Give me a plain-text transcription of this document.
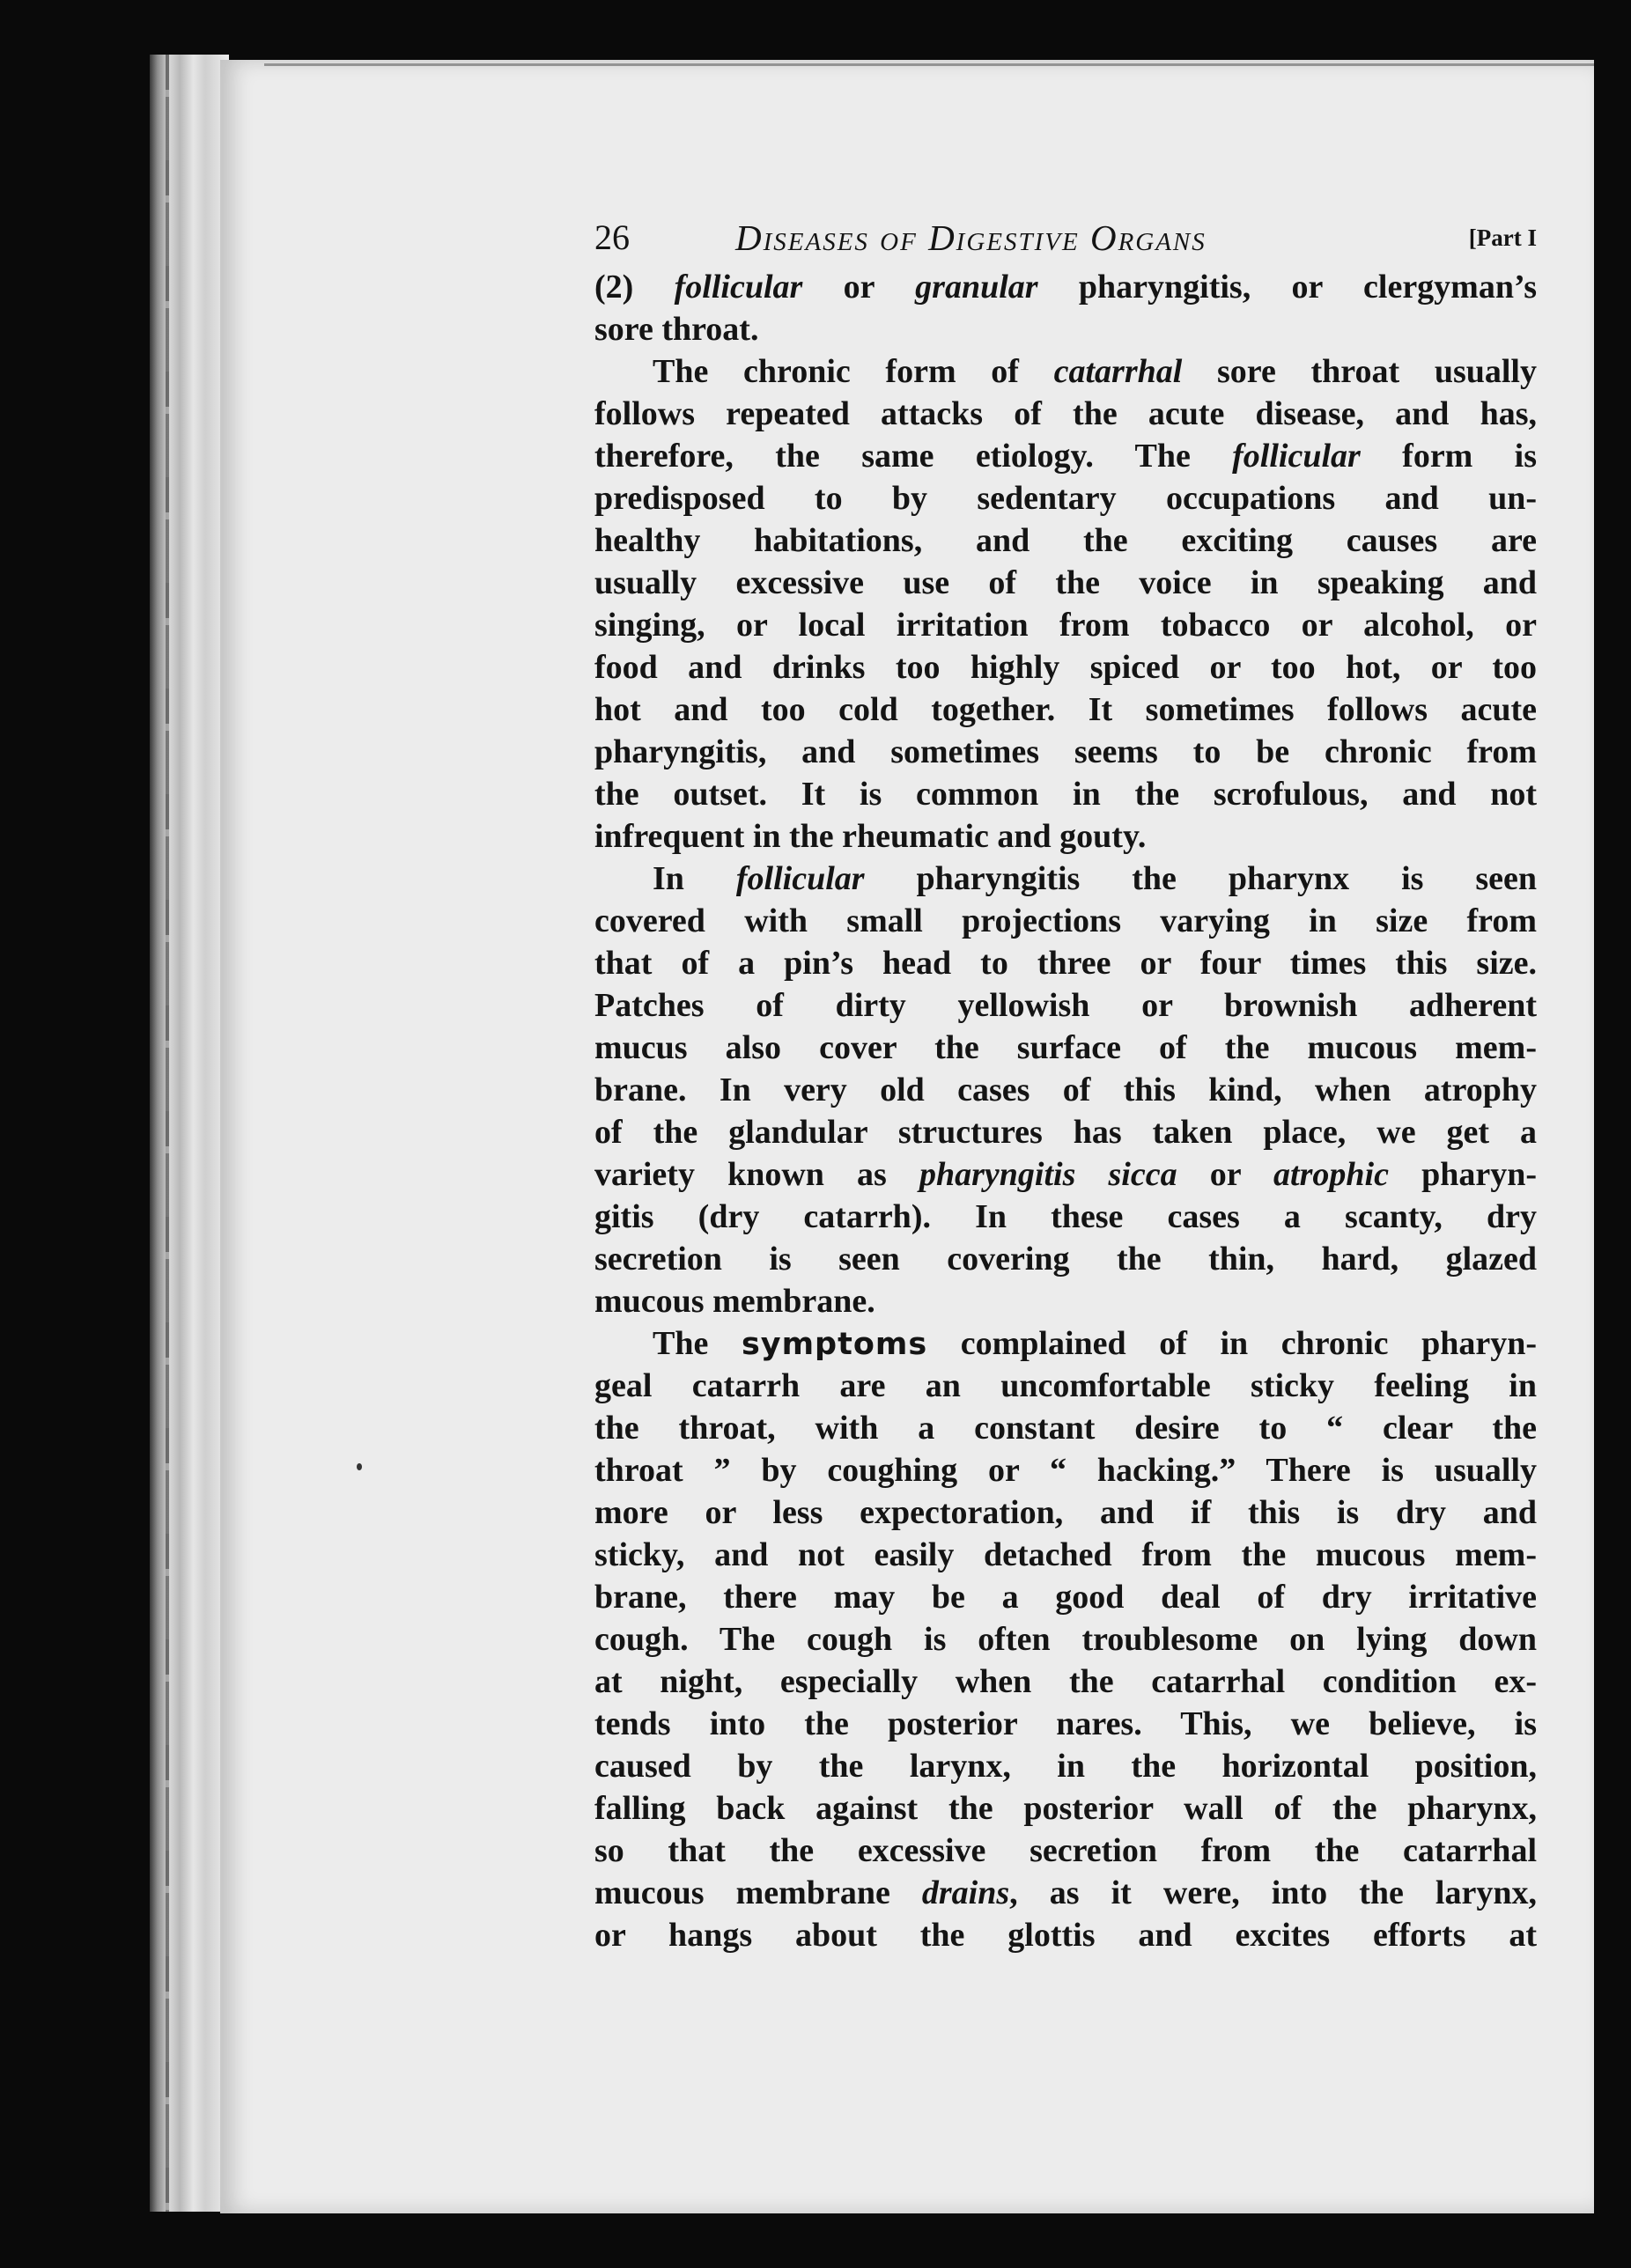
26	Diseases of Digestive Organs	[Part I
(2) follicular or granular pharyngitis, or clergyman’s
sore throat.
The chronic form of catarrhal sore throat usually
follows repeated attacks of the acute disease, and has,
therefore, the same etiology. The follicular form is
predisposed to by sedentary occupations and un-
healthy habitations, and the exciting causes are
usually excessive use of the voice in speaking and
singing, or local irritation from tobacco or alcohol, or
food and drinks too highly spiced or too hot, or too
hot and too cold together. It sometimes follows acute
pharyngitis, and sometimes seems to be chronic from
the outset. It is common in the scrofulous, and not
infrequent in the rheumatic and gouty.
In follicular pharyngitis the pharynx is seen
covered with small projections varying in size from
that of a pin’s head to three or four times this size.
Patches of dirty yellowish or brownish adherent
mucus also cover the surface of the mucous mem-
brane. In very old cases of this kind, when atrophy
of the glandular structures has taken place, we get a
variety known as pharyngitis sicca or atrophic pharyn-
gitis (dry catarrh). In these cases a scanty, dry
secretion is seen covering the thin, hard, glazed
mucous membrane.
The symptoms complained of in chronic pharyn-
geal catarrh are an uncomfortable sticky feeling in
the throat, with a constant desire to “ clear the
throat ” by coughing or “ hacking.” There is usually
more or less expectoration, and if this is dry and
sticky, and not easily detached from the mucous mem-
brane, there may be a good deal of dry irritative
cough. The cough is often troublesome on lying down
at night, especially when the catarrhal condition ex-
tends into the posterior nares. This, we believe, is
caused by the larynx, in the horizontal position,
falling back against the posterior wall of the pharynx,
so that the excessive secretion from the catarrhal
mucous membrane drains, as it were, into the larynx,
or hangs about the glottis and excites efforts at
